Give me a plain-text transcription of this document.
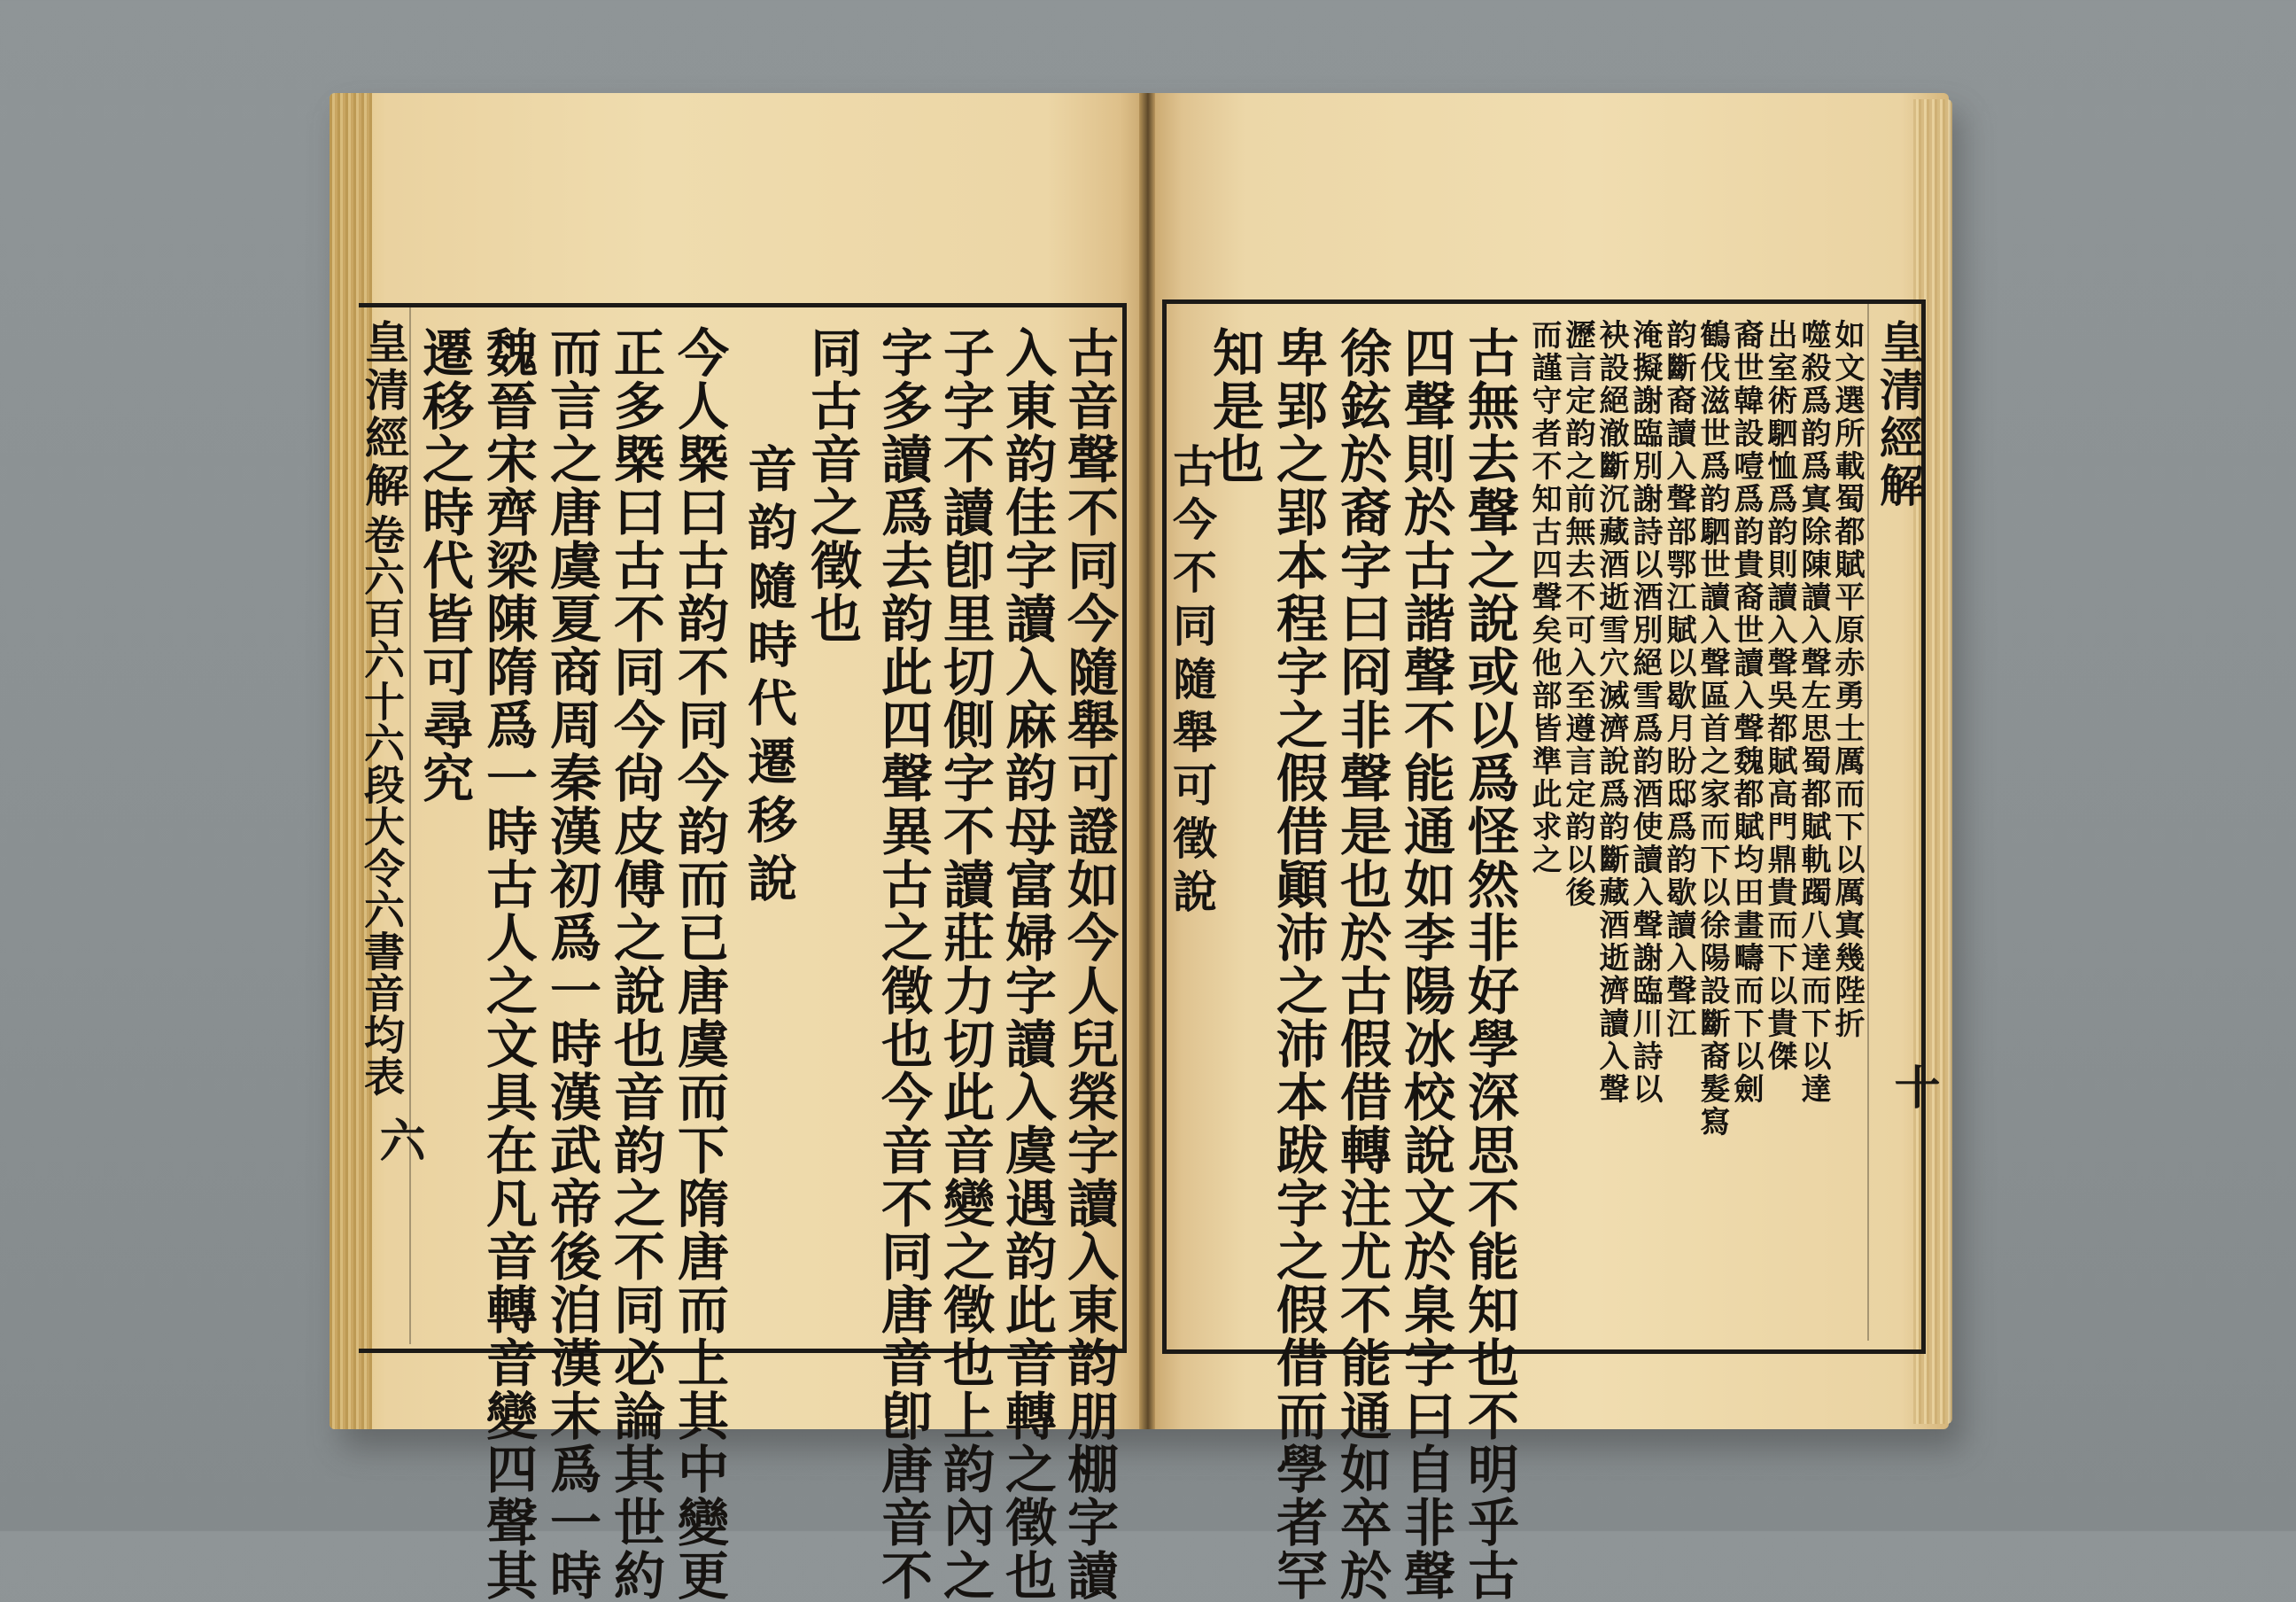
皇清經解
卷六百六十六段大令六書音均表
六	古音聲不同今隨舉可證如今人兒榮字讀入東韵朋棚字讀
入東韵佳字讀入麻韵母富婦字讀入虞遇韵此音轉之徵也
子字不讀卽里切側字不讀莊力切此音變之徵也上韵內之
字多讀爲去韵此四聲異古之徵也今音不同唐音卽唐音不
同古音之徵也
音韵隨時代遷移說
今人槩曰古韵不同今韵而已唐虞而下隋唐而上其中變更
正多槩曰古不同今尙皮傅之說也音韵之不同必論其世約
而言之唐虞夏商周秦漢初爲一時漢武帝後洎漢末爲一時
魏晉宋齊梁陳隋爲一時古人之文具在凡音轉音變四聲其
遷移之時代皆可尋究	皇清經解
十
如文選所載蜀都賦平原赤勇士厲而下以厲寘幾陛折
噬殺爲韵爲寘除陳讀入聲左思蜀都賦軌躅八達而下以達
出室術駟恤爲韵則讀入聲吳都賦高門鼎貴而下以貴傑
裔世韓設噎爲韵貴裔世讀入聲魏都賦均田畫疇而下以劍
鶴伐滋世爲韵駟世讀入聲區首之家而下以徐陽設斷裔髮寫
韵斷裔讀入聲部鄂江賦以歇月盼邸爲韵歇讀入聲江
淹擬謝臨別謝詩以酒別絕雪爲韵酒使讀入聲謝臨川詩以
袂設絕澈斷沉藏酒逝雪穴滅濟說爲韵斷藏酒逝濟讀入聲
瀝言定韵之前無去不可入至遵言定韵以後
而謹守者不知古四聲矣他部皆準此求之
古無去聲之說或以爲怪然非好學深思不能知也不明乎古
四聲則於古諧聲不能通如李陽冰校說文於臬字曰自非聲
徐鉉於裔字曰冏非聲是也於古假借轉注尤不能通如卒於
卑郢之郢本程字之假借顚沛之沛本跋字之假借而學者罕
知是也
古今不同隨舉可徵說
